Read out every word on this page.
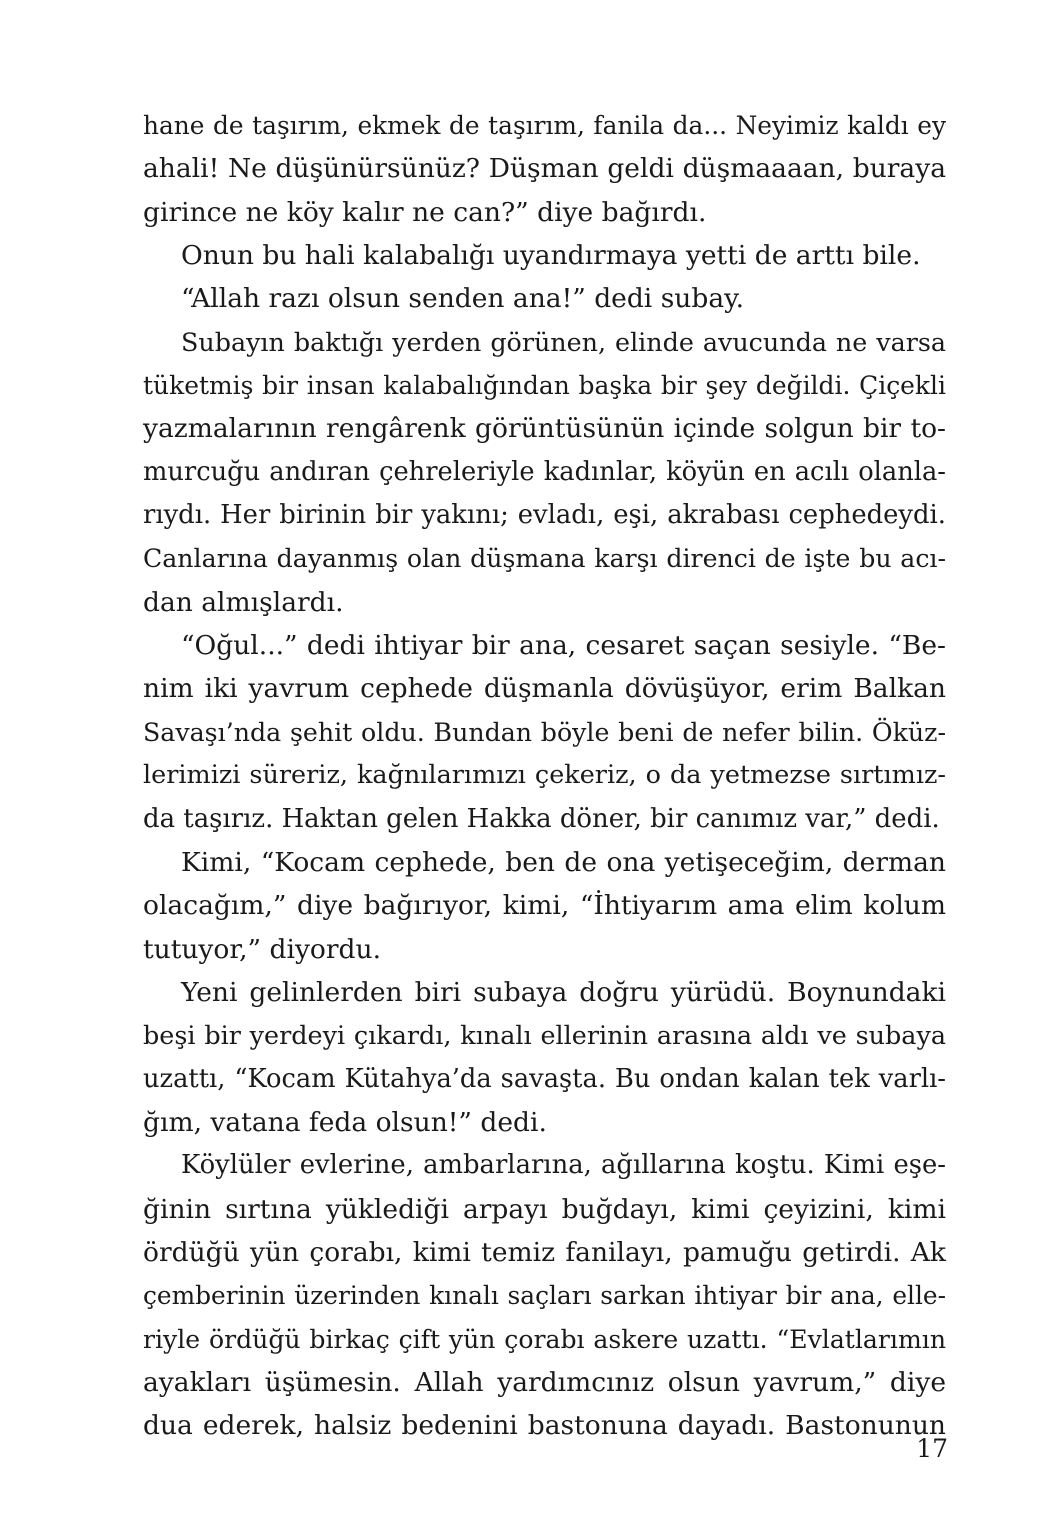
hane de taşırım, ekmek de taşırım, fanila da... Neyimiz kaldı ey
ahali! Ne düşünürsünüz? Düşman geldi düşmaaaan, buraya
girince ne köy kalır ne can?” diye bağırdı.
Onun bu hali kalabalığı uyandırmaya yetti de arttı bile.
“Allah razı olsun senden ana!” dedi subay.
Subayın baktığı yerden görünen, elinde avucunda ne varsa
tüketmiş bir insan kalabalığından başka bir şey değildi. Çiçekli
yazmalarının rengârenk görüntüsünün içinde solgun bir to-
murcuğu andıran çehreleriyle kadınlar, köyün en acılı olanla-
rıydı. Her birinin bir yakını; evladı, eşi, akrabası cephedeydi.
Canlarına dayanmış olan düşmana karşı direnci de işte bu acı-
dan almışlardı.
“Oğul...” dedi ihtiyar bir ana, cesaret saçan sesiyle. “Be-
nim iki yavrum cephede düşmanla dövüşüyor, erim Balkan
Savaşı’nda şehit oldu. Bundan böyle beni de nefer bilin. Öküz-
lerimizi süreriz, kağnılarımızı çekeriz, o da yetmezse sırtımız-
da taşırız. Haktan gelen Hakka döner, bir canımız var,” dedi.
Kimi, “Kocam cephede, ben de ona yetişeceğim, derman
olacağım,” diye bağırıyor, kimi, “İhtiyarım ama elim kolum
tutuyor,” diyordu.
Yeni gelinlerden biri subaya doğru yürüdü. Boynundaki
beşi bir yerdeyi çıkardı, kınalı ellerinin arasına aldı ve subaya
uzattı, “Kocam Kütahya’da savaşta. Bu ondan kalan tek varlı-
ğım, vatana feda olsun!” dedi.
Köylüler evlerine, ambarlarına, ağıllarına koştu. Kimi eşe-
ğinin sırtına yüklediği arpayı buğdayı, kimi çeyizini, kimi
ördüğü yün çorabı, kimi temiz fanilayı, pamuğu getirdi. Ak
çemberinin üzerinden kınalı saçları sarkan ihtiyar bir ana, elle-
riyle ördüğü birkaç çift yün çorabı askere uzattı. “Evlatlarımın
ayakları üşümesin. Allah yardımcınız olsun yavrum,” diye
dua ederek, halsiz bedenini bastonuna dayadı. Bastonunun
17
